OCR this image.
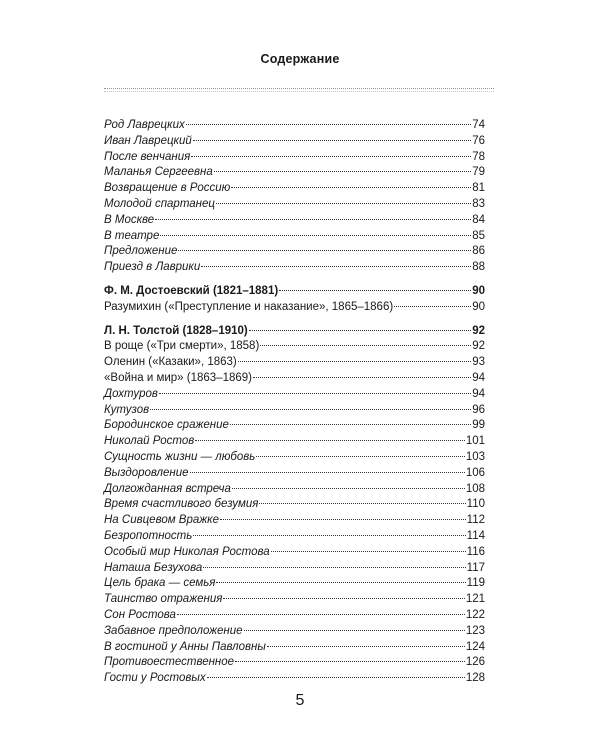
Содержание
Род Лаврецких	74
Иван Лаврецкий	76
После венчания	78
Маланья Сергеевна	79
Возвращение в Россию	81
Молодой спартанец	83
В Москве	84
В театре	85
Предложение	86
Приезд в Лаврики	88
Ф. М. Достоевский (1821–1881)	90
Разумихин («Преступление и наказание», 1865–1866)	90
Л. Н. Толстой (1828–1910)	92
В роще («Три смерти», 1858)	92
Оленин («Казаки», 1863)	93
«Война и мир» (1863–1869)	94
Дохтуров	94
Кутузов	96
Бородинское сражение	99
Николай Ростов	101
Сущность жизни — любовь	103
Выздоровление	106
Долгожданная встреча	108
Время счастливого безумия	110
На Сивцевом Вражке	112
Безропотность	114
Особый мир Николая Ростова	116
Наташа Безухова	117
Цель брака — семья	119
Таинство отражения	121
Сон Ростова	122
Забавное предположение	123
В гостиной у Анны Павловны	124
Противоестественное	126
Гости у Ростовых	128
5
